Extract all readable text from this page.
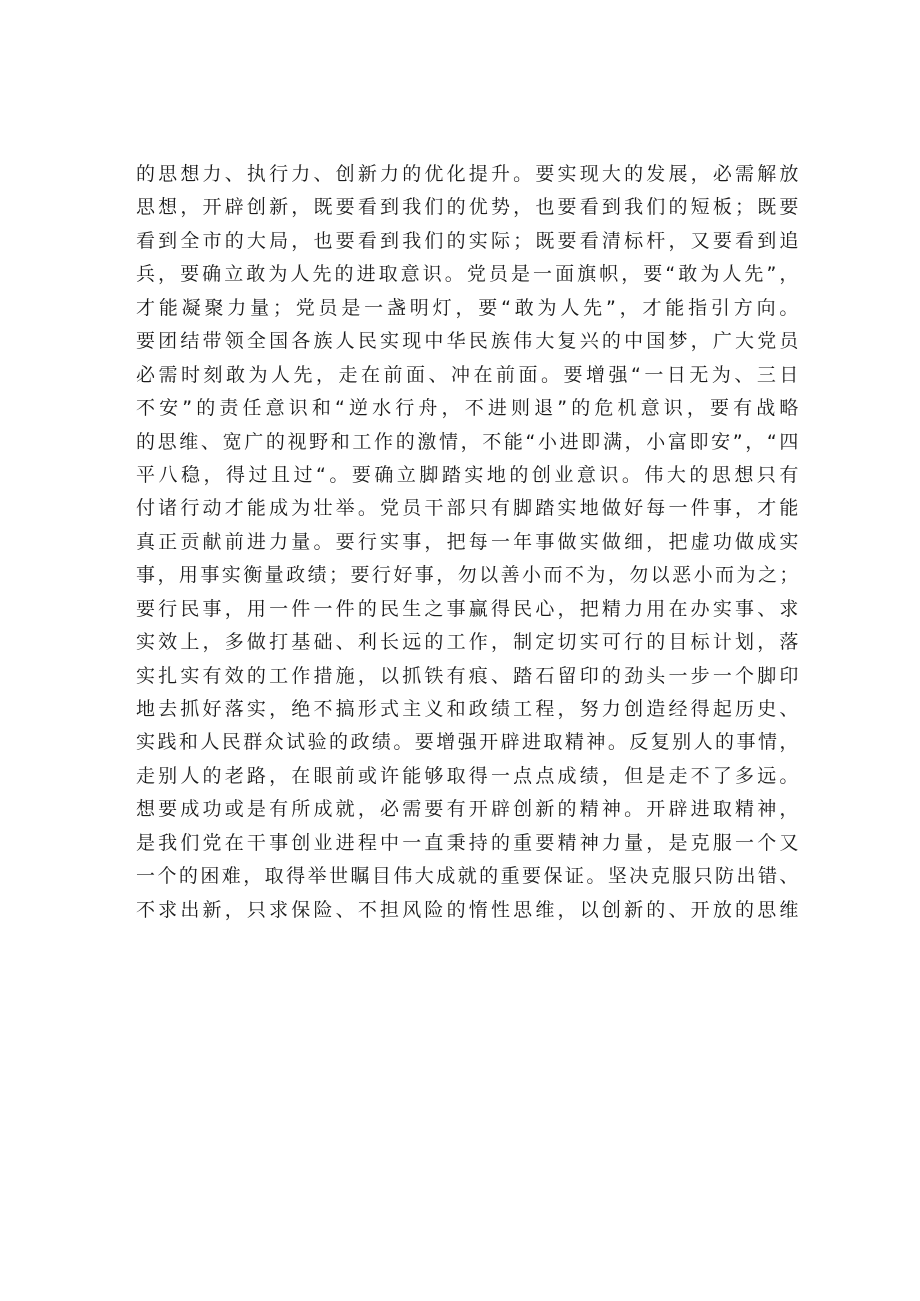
的思想力、执行力、创新力的优化提升。要实现大的发展，必需解放
思想，开辟创新，既要看到我们的优势，也要看到我们的短板；既要
看到全市的大局，也要看到我们的实际；既要看清标杆，又要看到追
兵，要确立敢为人先的进取意识。党员是一面旗帜，要“敢为人先”，
才能凝聚力量；党员是一盏明灯，要“敢为人先”，才能指引方向。
要团结带领全国各族人民实现中华民族伟大复兴的中国梦，广大党员
必需时刻敢为人先，走在前面、冲在前面。要增强“一日无为、三日
不安”的责任意识和“逆水行舟，不进则退”的危机意识，要有战略
的思维、宽广的视野和工作的激情，不能“小进即满，小富即安”，“四
平八稳，得过且过“。要确立脚踏实地的创业意识。伟大的思想只有
付诸行动才能成为壮举。党员干部只有脚踏实地做好每一件事，才能
真正贡献前进力量。要行实事，把每一年事做实做细，把虚功做成实
事，用事实衡量政绩；要行好事，勿以善小而不为，勿以恶小而为之；
要行民事，用一件一件的民生之事赢得民心，把精力用在办实事、求
实效上，多做打基础、利长远的工作，制定切实可行的目标计划，落
实扎实有效的工作措施，以抓铁有痕、踏石留印的劲头一步一个脚印
地去抓好落实，绝不搞形式主义和政绩工程，努力创造经得起历史、
实践和人民群众试验的政绩。要增强开辟进取精神。反复别人的事情，
走别人的老路，在眼前或许能够取得一点点成绩，但是走不了多远。
想要成功或是有所成就，必需要有开辟创新的精神。开辟进取精神，
是我们党在干事创业进程中一直秉持的重要精神力量，是克服一个又
一个的困难，取得举世瞩目伟大成就的重要保证。坚决克服只防出错、
不求出新，只求保险、不担风险的惰性思维，以创新的、开放的思维
